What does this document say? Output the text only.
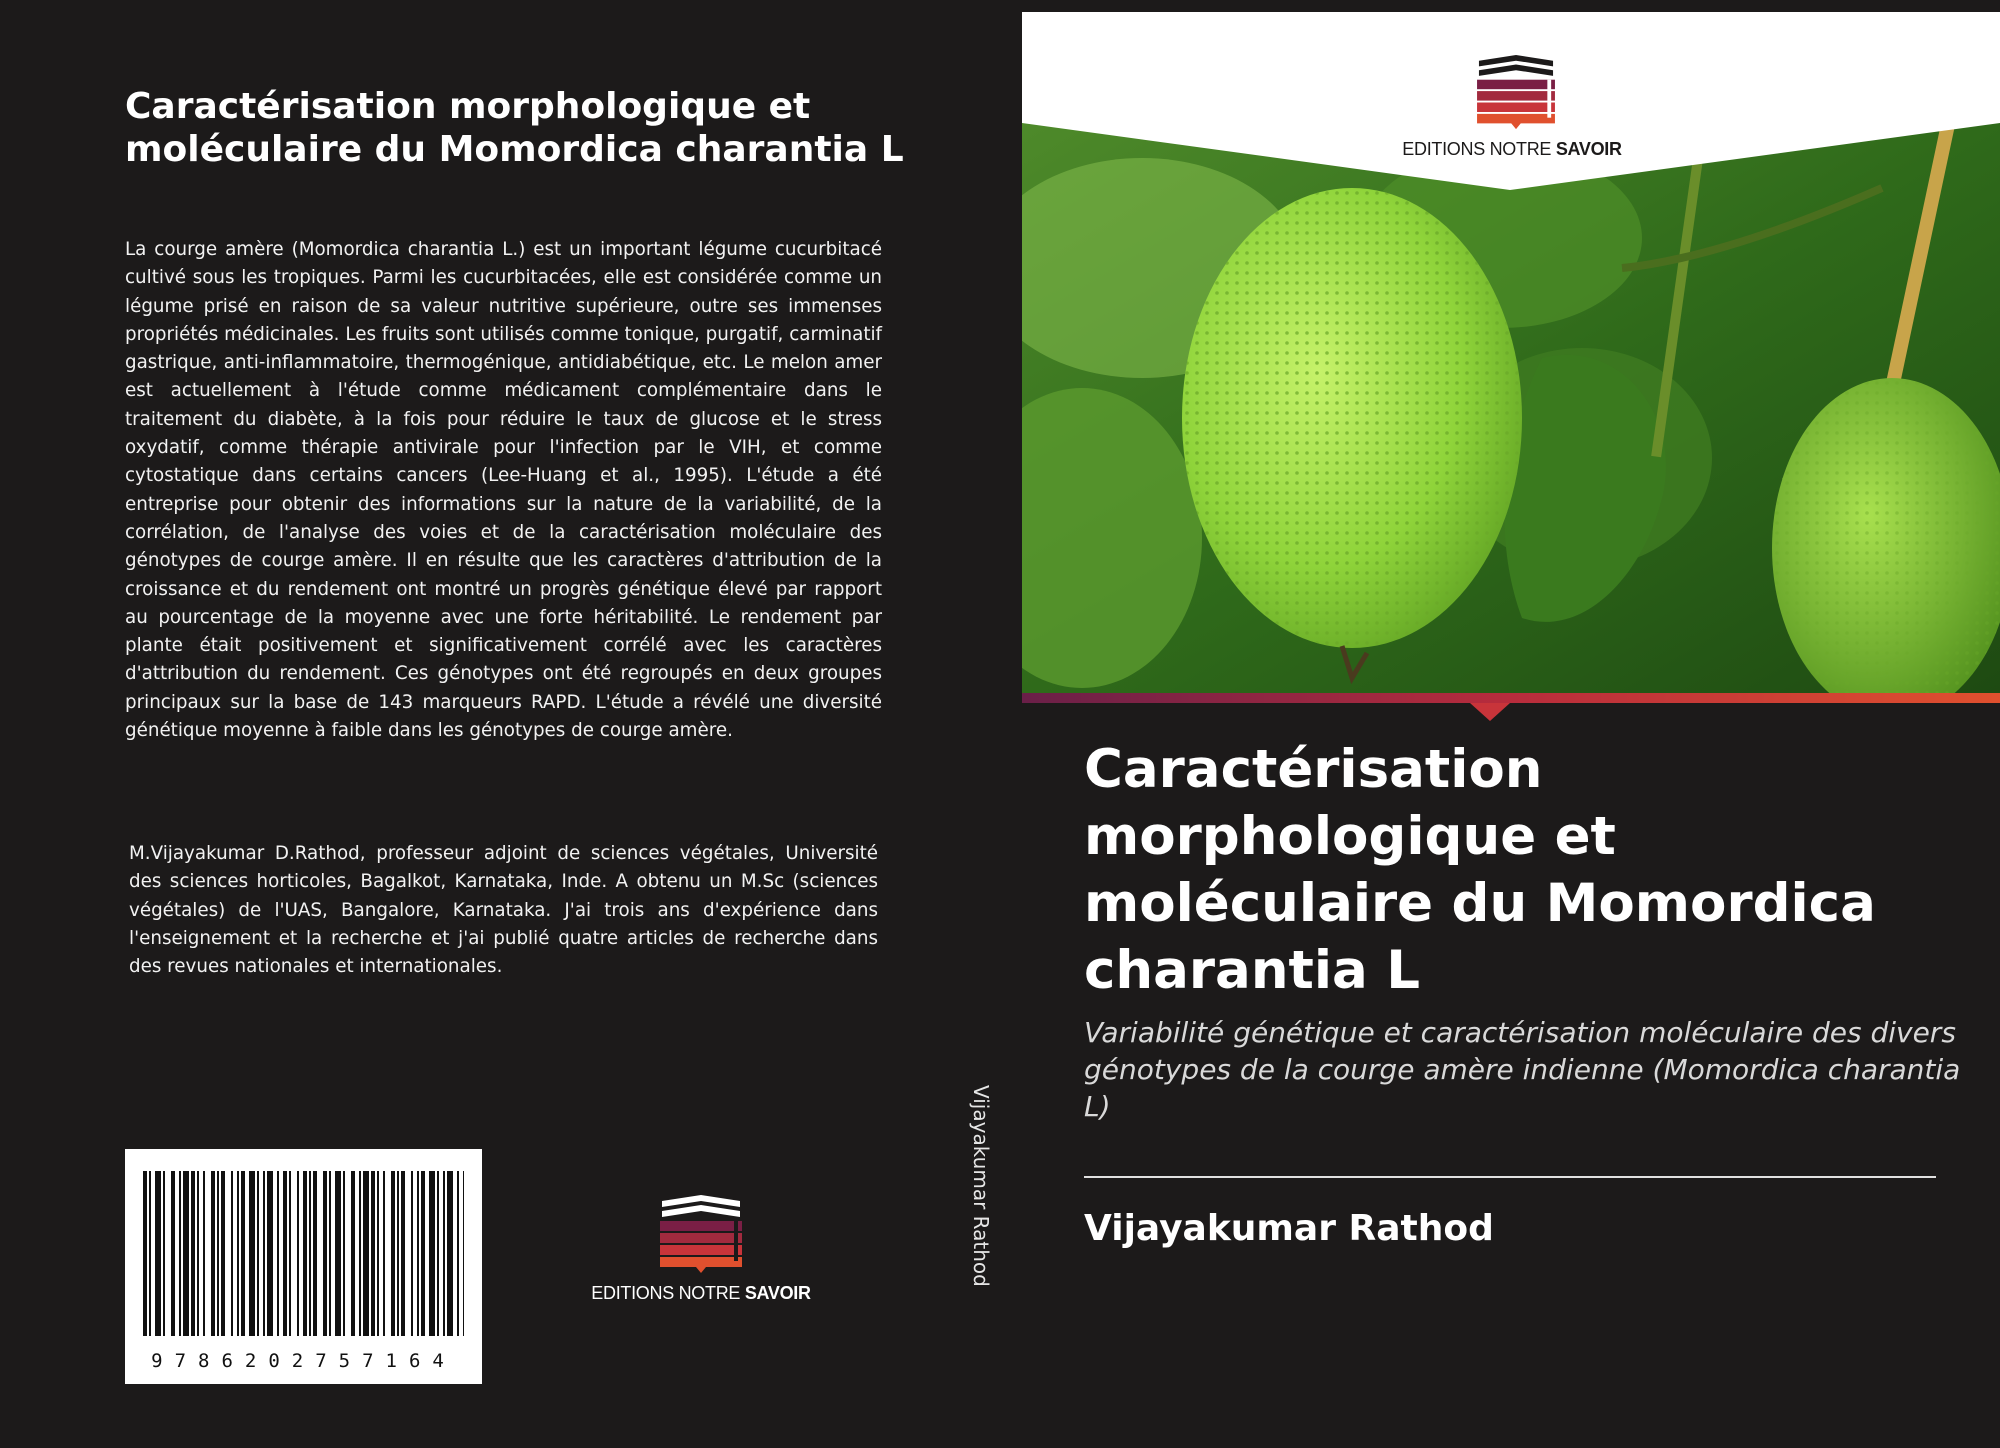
Caractérisation morphologique et moléculaire du Momordica charantia L

La courge amère (Momordica charantia L.) est un important légume cucurbitacé cultivé sous les tropiques. Parmi les cucurbitacées, elle est considérée comme un légume prisé en raison de sa valeur nutritive supérieure, outre ses immenses propriétés médicinales. Les fruits sont utilisés comme tonique, purgatif, carminatif gastrique, anti-inflammatoire, thermogénique, antidiabétique, etc. Le melon amer est actuellement à l'étude comme médicament complémentaire dans le traitement du diabète, à la fois pour réduire le taux de glucose et le stress oxydatif, comme thérapie antivirale pour l'infection par le VIH, et comme cytostatique dans certains cancers (Lee-Huang et al., 1995). L'étude a été entreprise pour obtenir des informations sur la nature de la variabilité, de la corrélation, de l'analyse des voies et de la caractérisation moléculaire des génotypes de courge amère. Il en résulte que les caractères d'attribution de la croissance et du rendement ont montré un progrès génétique élevé par rapport au pourcentage de la moyenne avec une forte héritabilité. Le rendement par plante était positivement et significativement corrélé avec les caractères d'attribution du rendement. Ces génotypes ont été regroupés en deux groupes principaux sur la base de 143 marqueurs RAPD. L'étude a révélé une diversité génétique moyenne à faible dans les génotypes de courge amère.

M.Vijayakumar D.Rathod, professeur adjoint de sciences végétales, Université des sciences horticoles, Bagalkot, Karnataka, Inde. A obtenu un M.Sc (sciences végétales) de l'UAS, Bangalore, Karnataka. J'ai trois ans d'expérience dans l'enseignement et la recherche et j'ai publié quatre articles de recherche dans des revues nationales et internationales.

9786202757164
EDITIONS NOTRE SAVOIR
Vijayakumar Rathod
EDITIONS NOTRE SAVOIR
Caractérisation morphologique et moléculaire du Momordica charantia L

Variabilité génétique et caractérisation moléculaire des divers génotypes de la courge amère indienne (Momordica charantia L)

Vijayakumar Rathod
